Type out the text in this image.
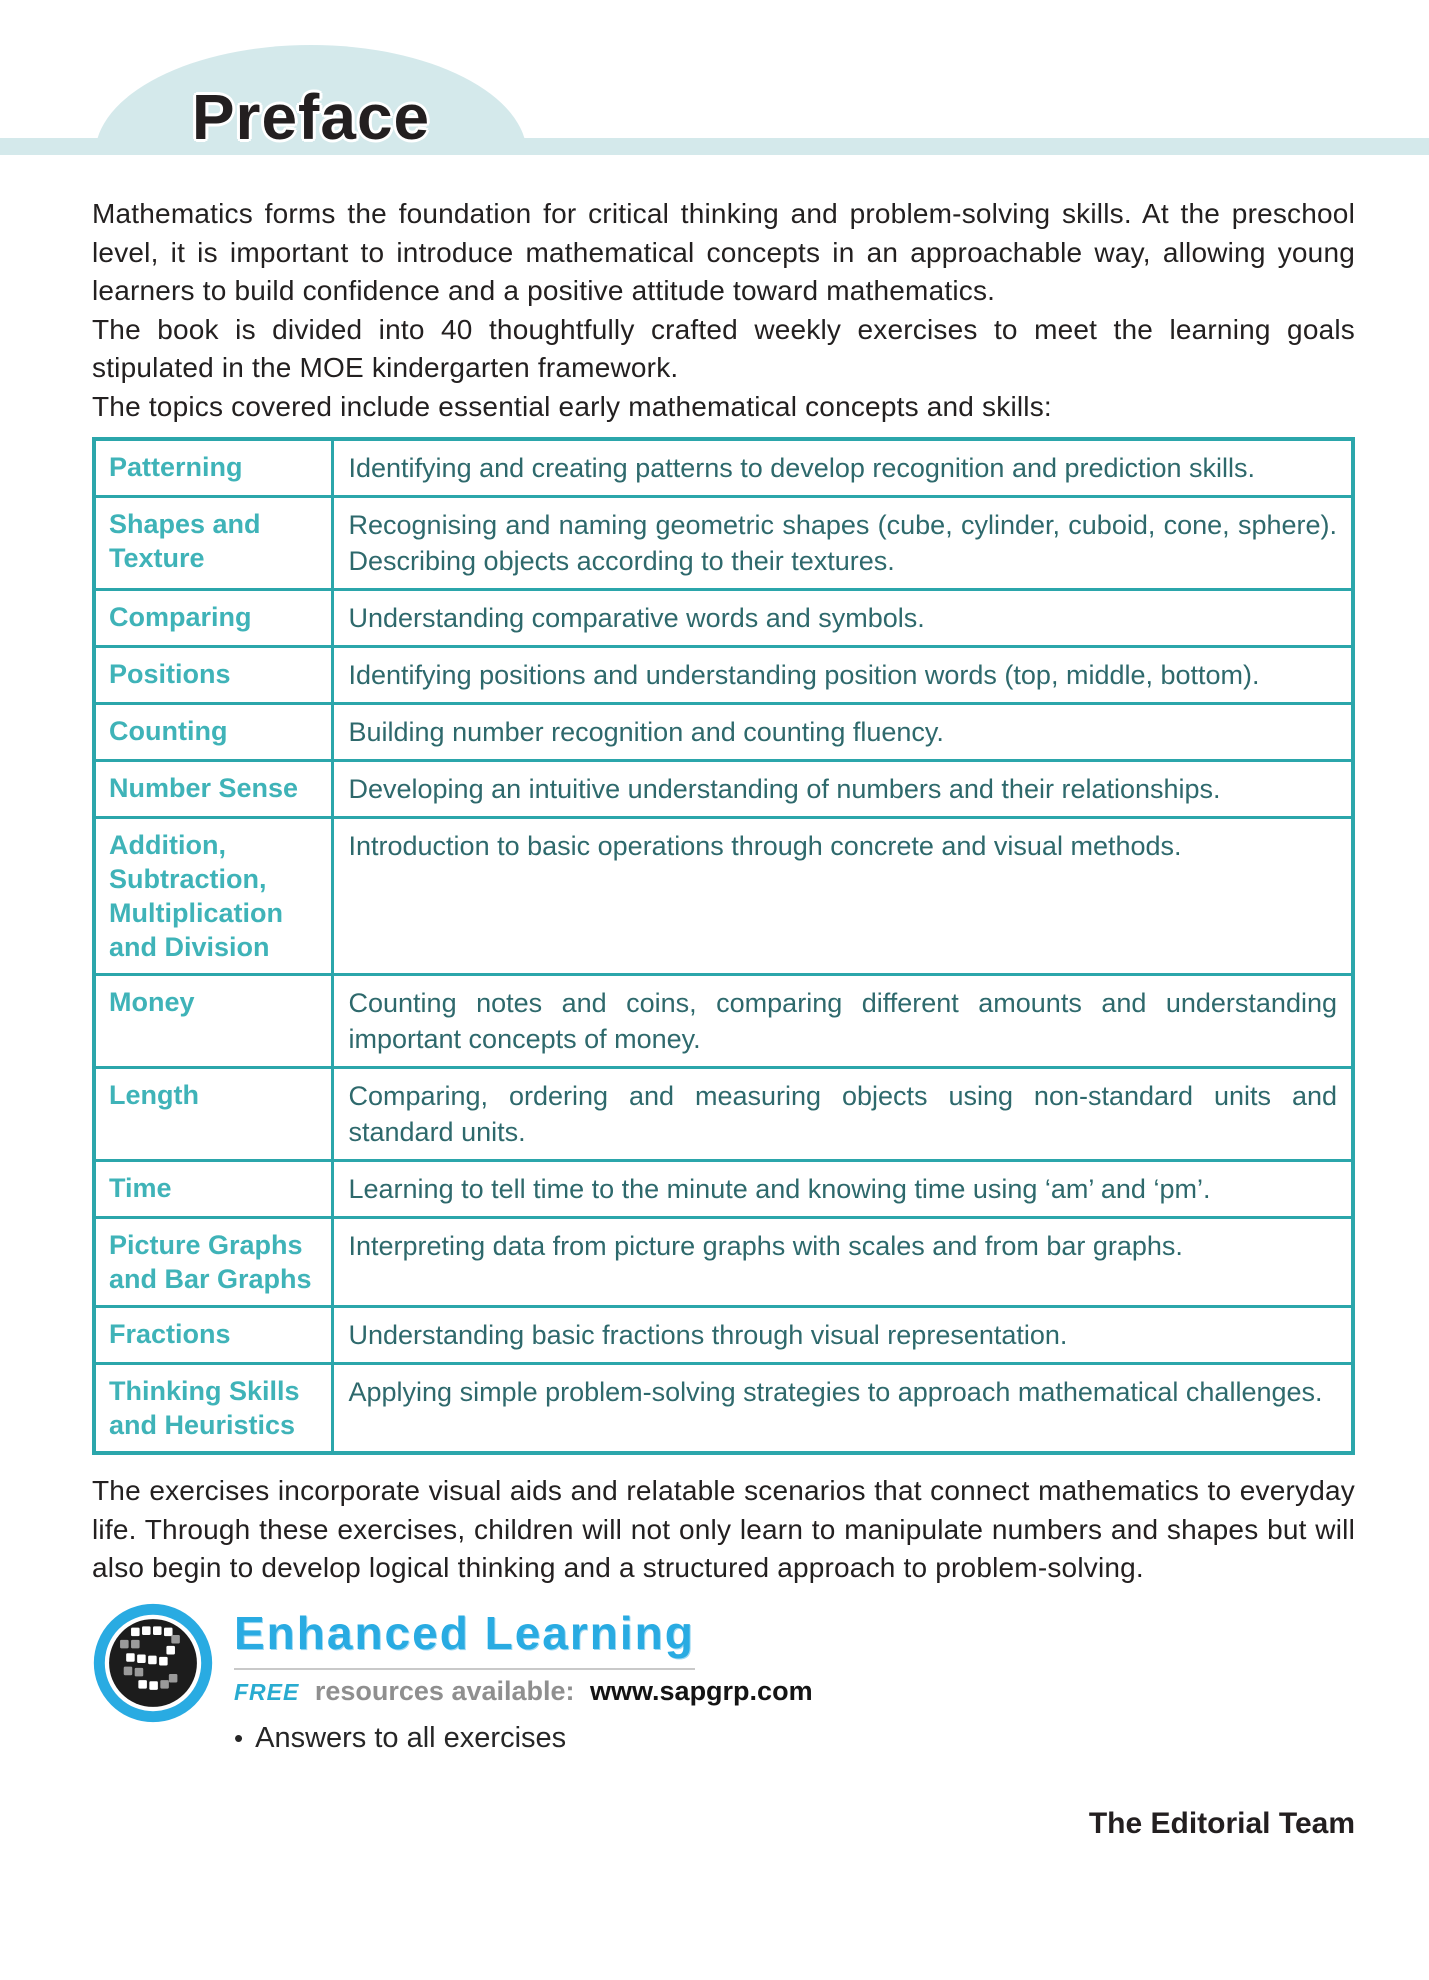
Preface

Mathematics forms the foundation for critical thinking and problem-solving skills. At the preschool level, it is important to introduce mathematical concepts in an approachable way, allowing young learners to build confidence and a positive attitude toward mathematics.

The book is divided into 40 thoughtfully crafted weekly exercises to meet the learning goals stipulated in the MOE kindergarten framework.

The topics covered include essential early mathematical concepts and skills:

Patterning	Identifying and creating patterns to develop recognition and prediction skills.
Shapes and Texture	Recognising and naming geometric shapes (cube, cylinder, cuboid, cone, sphere). Describing objects according to their textures.
Comparing	Understanding comparative words and symbols.
Positions	Identifying positions and understanding position words (top, middle, bottom).
Counting	Building number recognition and counting fluency.
Number Sense	Developing an intuitive understanding of numbers and their relationships.
Addition, Subtraction, Multiplication and Division	Introduction to basic operations through concrete and visual methods.
Money	Counting notes and coins, comparing different amounts and understanding important concepts of money.
Length	Comparing, ordering and measuring objects using non-standard units and standard units.
Time	Learning to tell time to the minute and knowing time using ‘am’ and ‘pm’.
Picture Graphs and Bar Graphs	Interpreting data from picture graphs with scales and from bar graphs.
Fractions	Understanding basic fractions through visual representation.
Thinking Skills and Heuristics	Applying simple problem-solving strategies to approach mathematical challenges.

The exercises incorporate visual aids and relatable scenarios that connect mathematics to everyday life. Through these exercises, children will not only learn to manipulate numbers and shapes but will also begin to develop logical thinking and a structured approach to problem-solving.

Enhanced Learning
FREE resources available: www.sapgrp.com
• Answers to all exercises
The Editorial Team
